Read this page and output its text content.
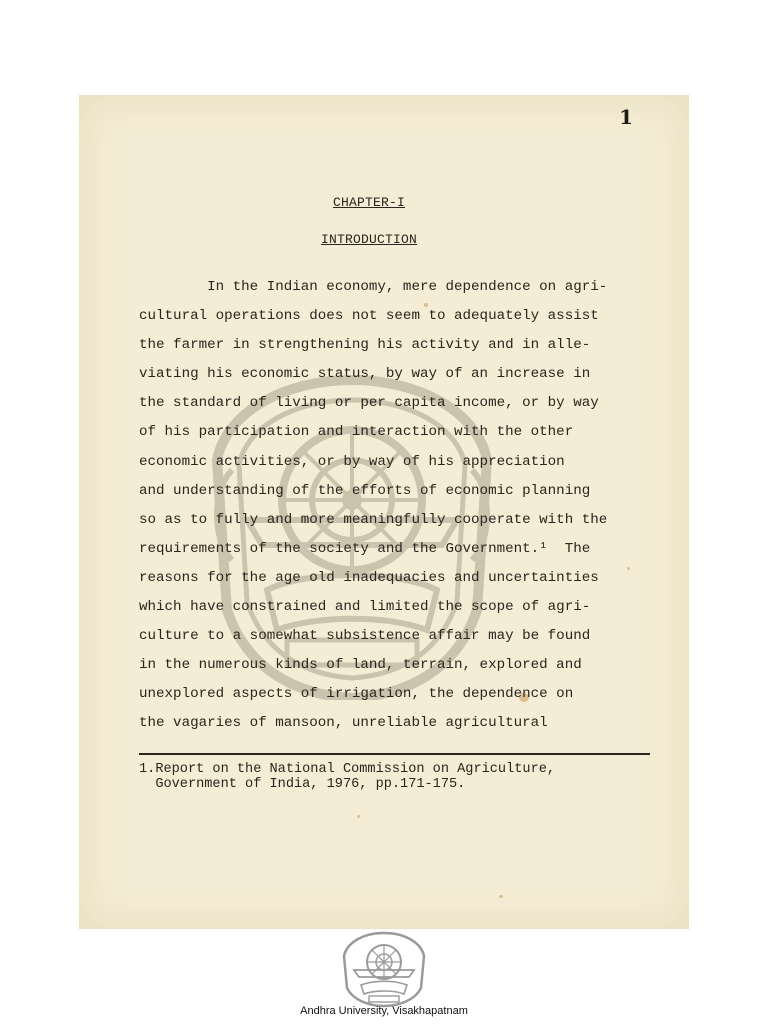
1
CHAPTER-I
INTRODUCTION
In the Indian economy, mere dependence on agri-
cultural operations does not seem to adequately assist
the farmer in strengthening his activity and in alle-
viating his economic status, by way of an increase in
the standard of living or per capita income, or by way
of his participation and interaction with the other
economic activities, or by way of his appreciation
and understanding of the efforts of economic planning
so as to fully and more meaningfully cooperate with the
requirements of the society and the Government.¹  The
reasons for the age old inadequacies and uncertainties
which have constrained and limited the scope of agri-
culture to a somewhat subsistence affair may be found
in the numerous kinds of land, terrain, explored and
unexplored aspects of irrigation, the dependence on
the vagaries of mansoon, unreliable agricultural
1.Report on the National Commission on Agriculture,
Government of India, 1976, pp.171-175.
Andhra University, Visakhapatnam
